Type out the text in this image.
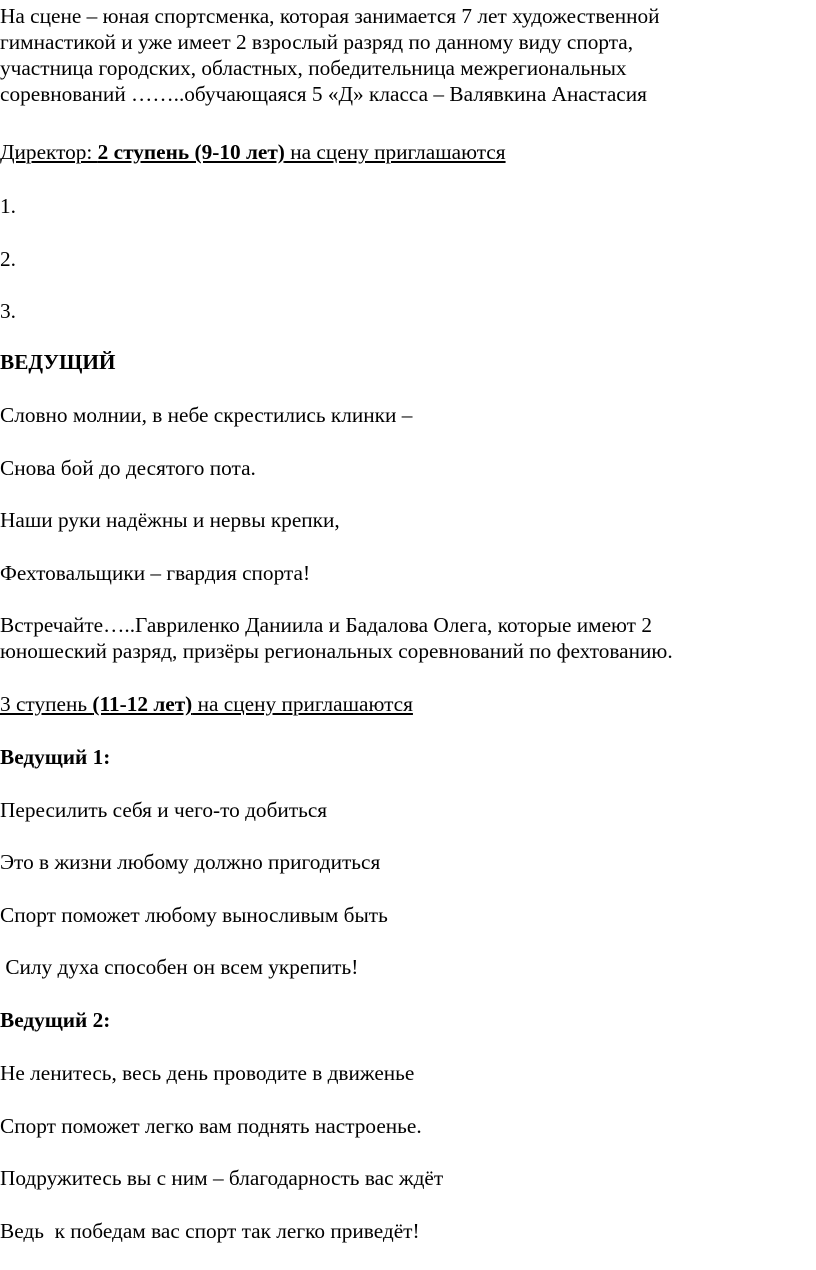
На сцене – юная спортсменка, которая занимается 7 лет художественной
гимнастикой и уже имеет 2 взрослый разряд по данному виду спорта,
участница городских, областных, победительница межрегиональных
соревнований ……..обучающаяся 5 «Д» класса – Валявкина Анастасия
Директор: 2 ступень (9-10 лет) на сцену приглашаются
1.
2.
3.
ВЕДУЩИЙ
Словно молнии, в небе скрестились клинки –
Снова бой до десятого пота.
Наши руки надёжны и нервы крепки,
Фехтовальщики – гвардия спорта!
Встречайте…..Гавриленко Даниила и Бадалова Олега, которые имеют 2
юношеский разряд, призёры региональных соревнований по фехтованию.
3 ступень (11-12 лет) на сцену приглашаются
Ведущий 1:
Пересилить себя и чего-то добиться
Это в жизни любому должно пригодиться
Спорт поможет любому выносливым быть
Силу духа способен он всем укрепить!
Ведущий 2:
Не ленитесь, весь день проводите в движенье
Спорт поможет легко вам поднять настроенье.
Подружитесь вы с ним – благодарность вас ждёт
Ведь  к победам вас спорт так легко приведёт!
